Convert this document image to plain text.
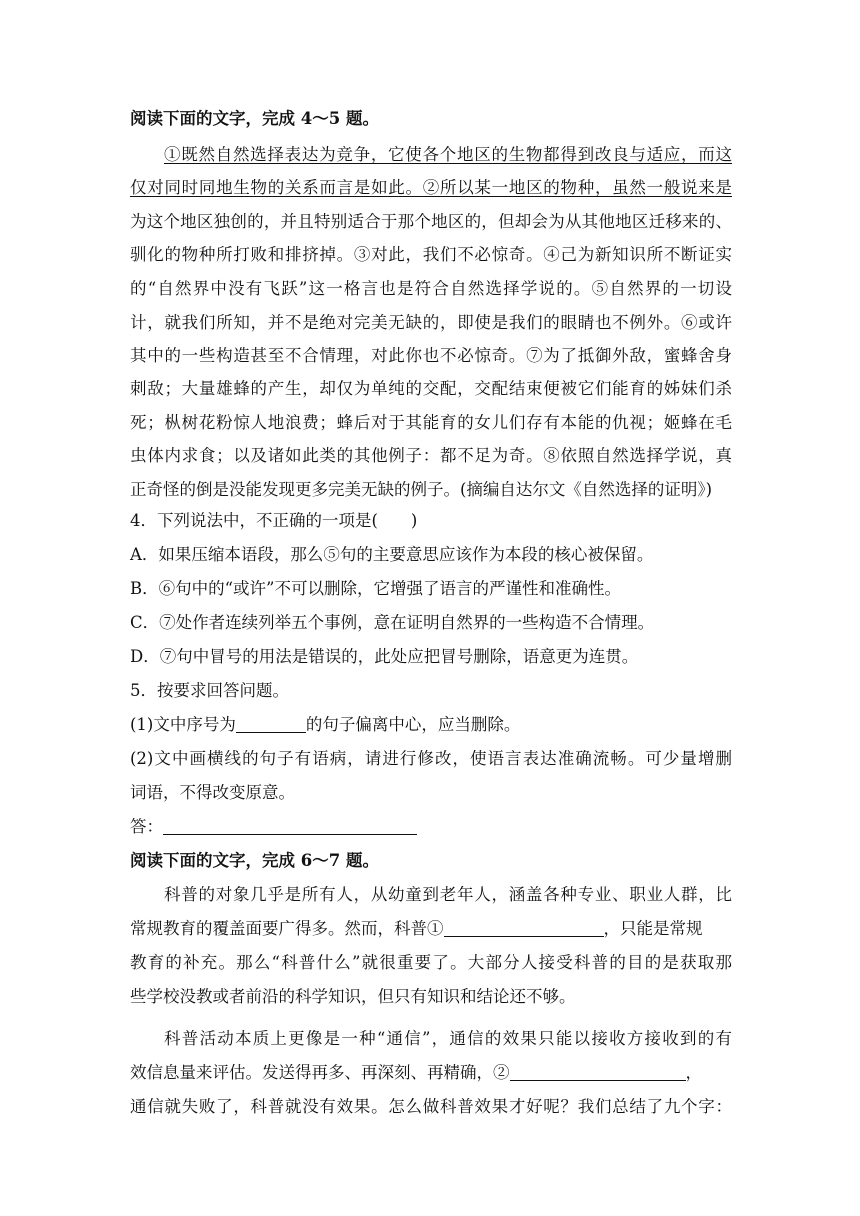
阅读下面的文字，完成 4～5 题。
①既然自然选择表达为竞争，它使各个地区的生物都得到改良与适应，而这
仅对同时同地生物的关系而言是如此。②所以某一地区的物种，虽然一般说来是
为这个地区独创的，并且特别适合于那个地区的，但却会为从其他地区迁移来的、
驯化的物种所打败和排挤掉。③对此，我们不必惊奇。④己为新知识所不断证实
的“自然界中没有飞跃”这一格言也是符合自然选择学说的。⑤自然界的一切设
计，就我们所知，并不是绝对完美无缺的，即使是我们的眼睛也不例外。⑥或许
其中的一些构造甚至不合情理，对此你也不必惊奇。⑦为了抵御外敌，蜜蜂舍身
刺敌；大量雄蜂的产生，却仅为单纯的交配，交配结束便被它们能育的姊妹们杀
死；枞树花粉惊人地浪费；蜂后对于其能育的女儿们存有本能的仇视；姬蜂在毛
虫体内求食；以及诸如此类的其他例子：都不足为奇。⑧依照自然选择学说，真
正奇怪的倒是没能发现更多完美无缺的例子。(摘编自达尔文《自然选择的证明》)
4．下列说法中，不正确的一项是(　　)
A．如果压缩本语段，那么⑤句的主要意思应该作为本段的核心被保留。
B．⑥句中的“或许”不可以删除，它增强了语言的严谨性和准确性。
C．⑦处作者连续列举五个事例，意在证明自然界的一些构造不合情理。
D．⑦句中冒号的用法是错误的，此处应把冒号删除，语意更为连贯。
5．按要求回答问题。
(1)文中序号为	的句子偏离中心，应当删除。
(2)文中画横线的句子有语病，请进行修改，使语言表达准确流畅。可少量增删
词语，不得改变原意。
答：
阅读下面的文字，完成 6～7 题。
科普的对象几乎是所有人，从幼童到老年人，涵盖各种专业、职业人群，比
常规教育的覆盖面要广得多。然而，科普①	，只能是常规
教育的补充。那么“科普什么”就很重要了。大部分人接受科普的目的是获取那
些学校没教或者前沿的科学知识，但只有知识和结论还不够。
科普活动本质上更像是一种“通信”，通信的效果只能以接收方接收到的有
效信息量来评估。发送得再多、再深刻、再精确，②	，
通信就失败了，科普就没有效果。怎么做科普效果才好呢？我们总结了九个字：
